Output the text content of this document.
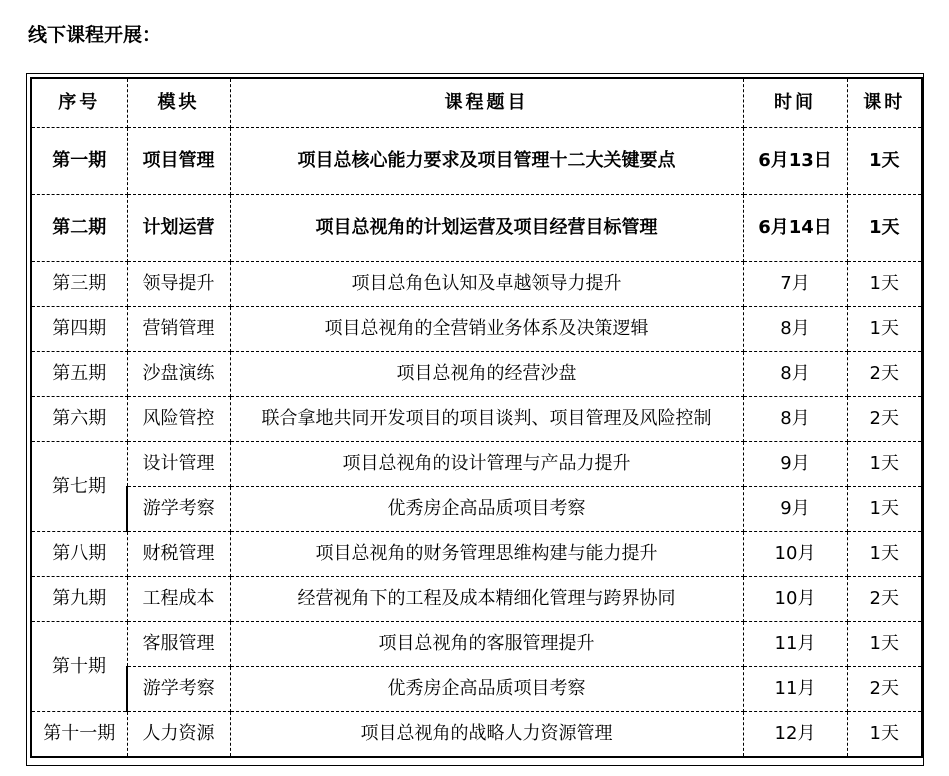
线下课程开展：
序号	模块	课程题目	时间	课时
第一期	项目管理	项目总核心能力要求及项目管理十二大关键要点	6月13日	1天
第二期	计划运营	项目总视角的计划运营及项目经营目标管理	6月14日	1天
第三期	领导提升	项目总角色认知及卓越领导力提升	7月	1天
第四期	营销管理	项目总视角的全营销业务体系及决策逻辑	8月	1天
第五期	沙盘演练	项目总视角的经营沙盘	8月	2天
第六期	风险管控	联合拿地共同开发项目的项目谈判、项目管理及风险控制	8月	2天
第七期	设计管理	项目总视角的设计管理与产品力提升	9月	1天
	游学考察	优秀房企高品质项目考察	9月	1天
第八期	财税管理	项目总视角的财务管理思维构建与能力提升	10月	1天
第九期	工程成本	经营视角下的工程及成本精细化管理与跨界协同	10月	2天
第十期	客服管理	项目总视角的客服管理提升	11月	1天
	游学考察	优秀房企高品质项目考察	11月	2天
第十一期	人力资源	项目总视角的战略人力资源管理	12月	1天
